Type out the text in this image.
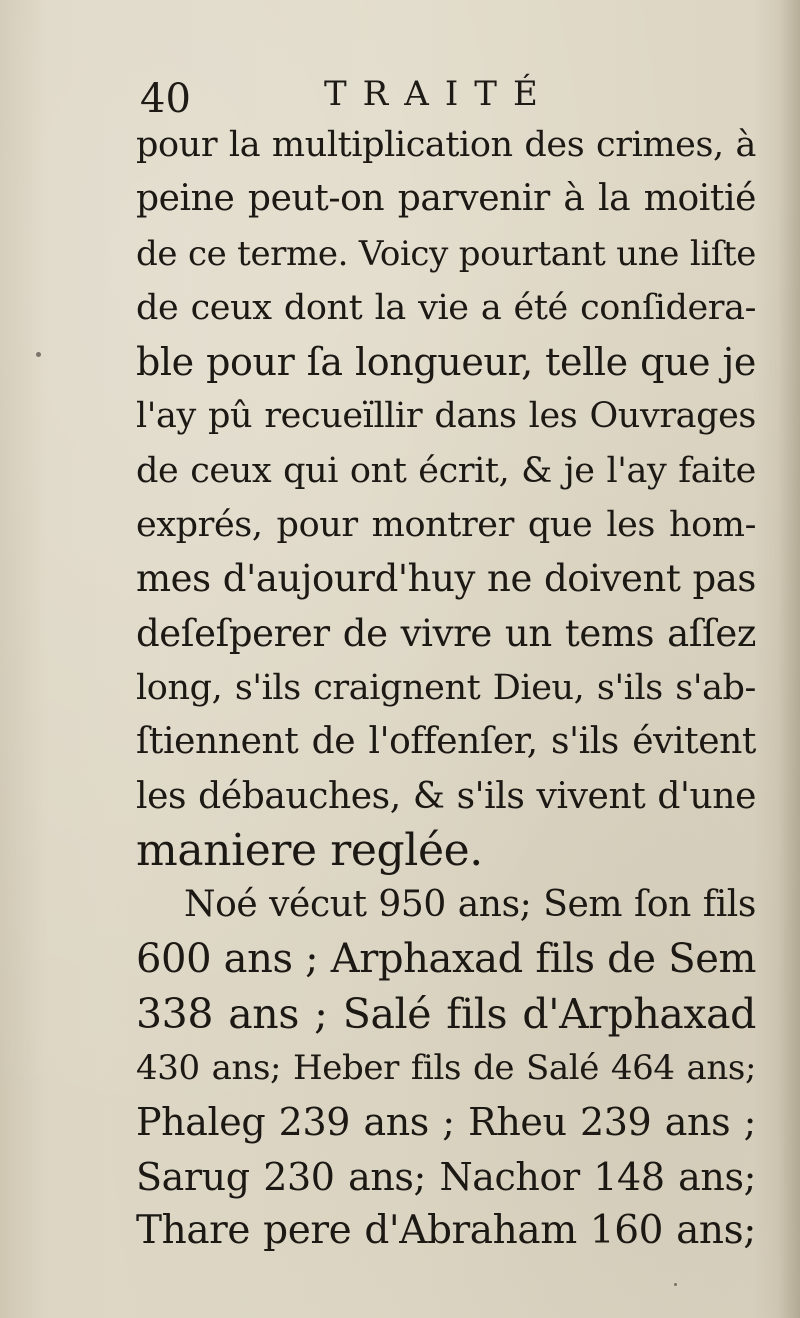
40	TRAITÉ
pour la multiplication des crimes, à
peine peut-on parvenir à la moitié
de ce terme. Voicy pourtant une liſte
de ceux dont la vie a été conſidera-
ble pour ſa longueur, telle que je
l'ay pû recueïllir dans les Ouvrages
de ceux qui ont écrit, & je l'ay faite
exprés, pour montrer que les hom-
mes d'aujourd'huy ne doivent pas
deſeſperer de vivre un tems aſſez
long, s'ils craignent Dieu, s'ils s'ab-
ſtiennent de l'offenſer, s'ils évitent
les débauches, & s'ils vivent d'une
maniere reglée.
Noé vécut 950 ans; Sem ſon fils
600 ans ; Arphaxad fils de Sem
338 ans ; Salé fils d'Arphaxad
430 ans; Heber fils de Salé 464 ans;
Phaleg 239 ans ; Rheu 239 ans ;
Sarug 230 ans; Nachor 148 ans;
Thare pere d'Abraham 160 ans;
